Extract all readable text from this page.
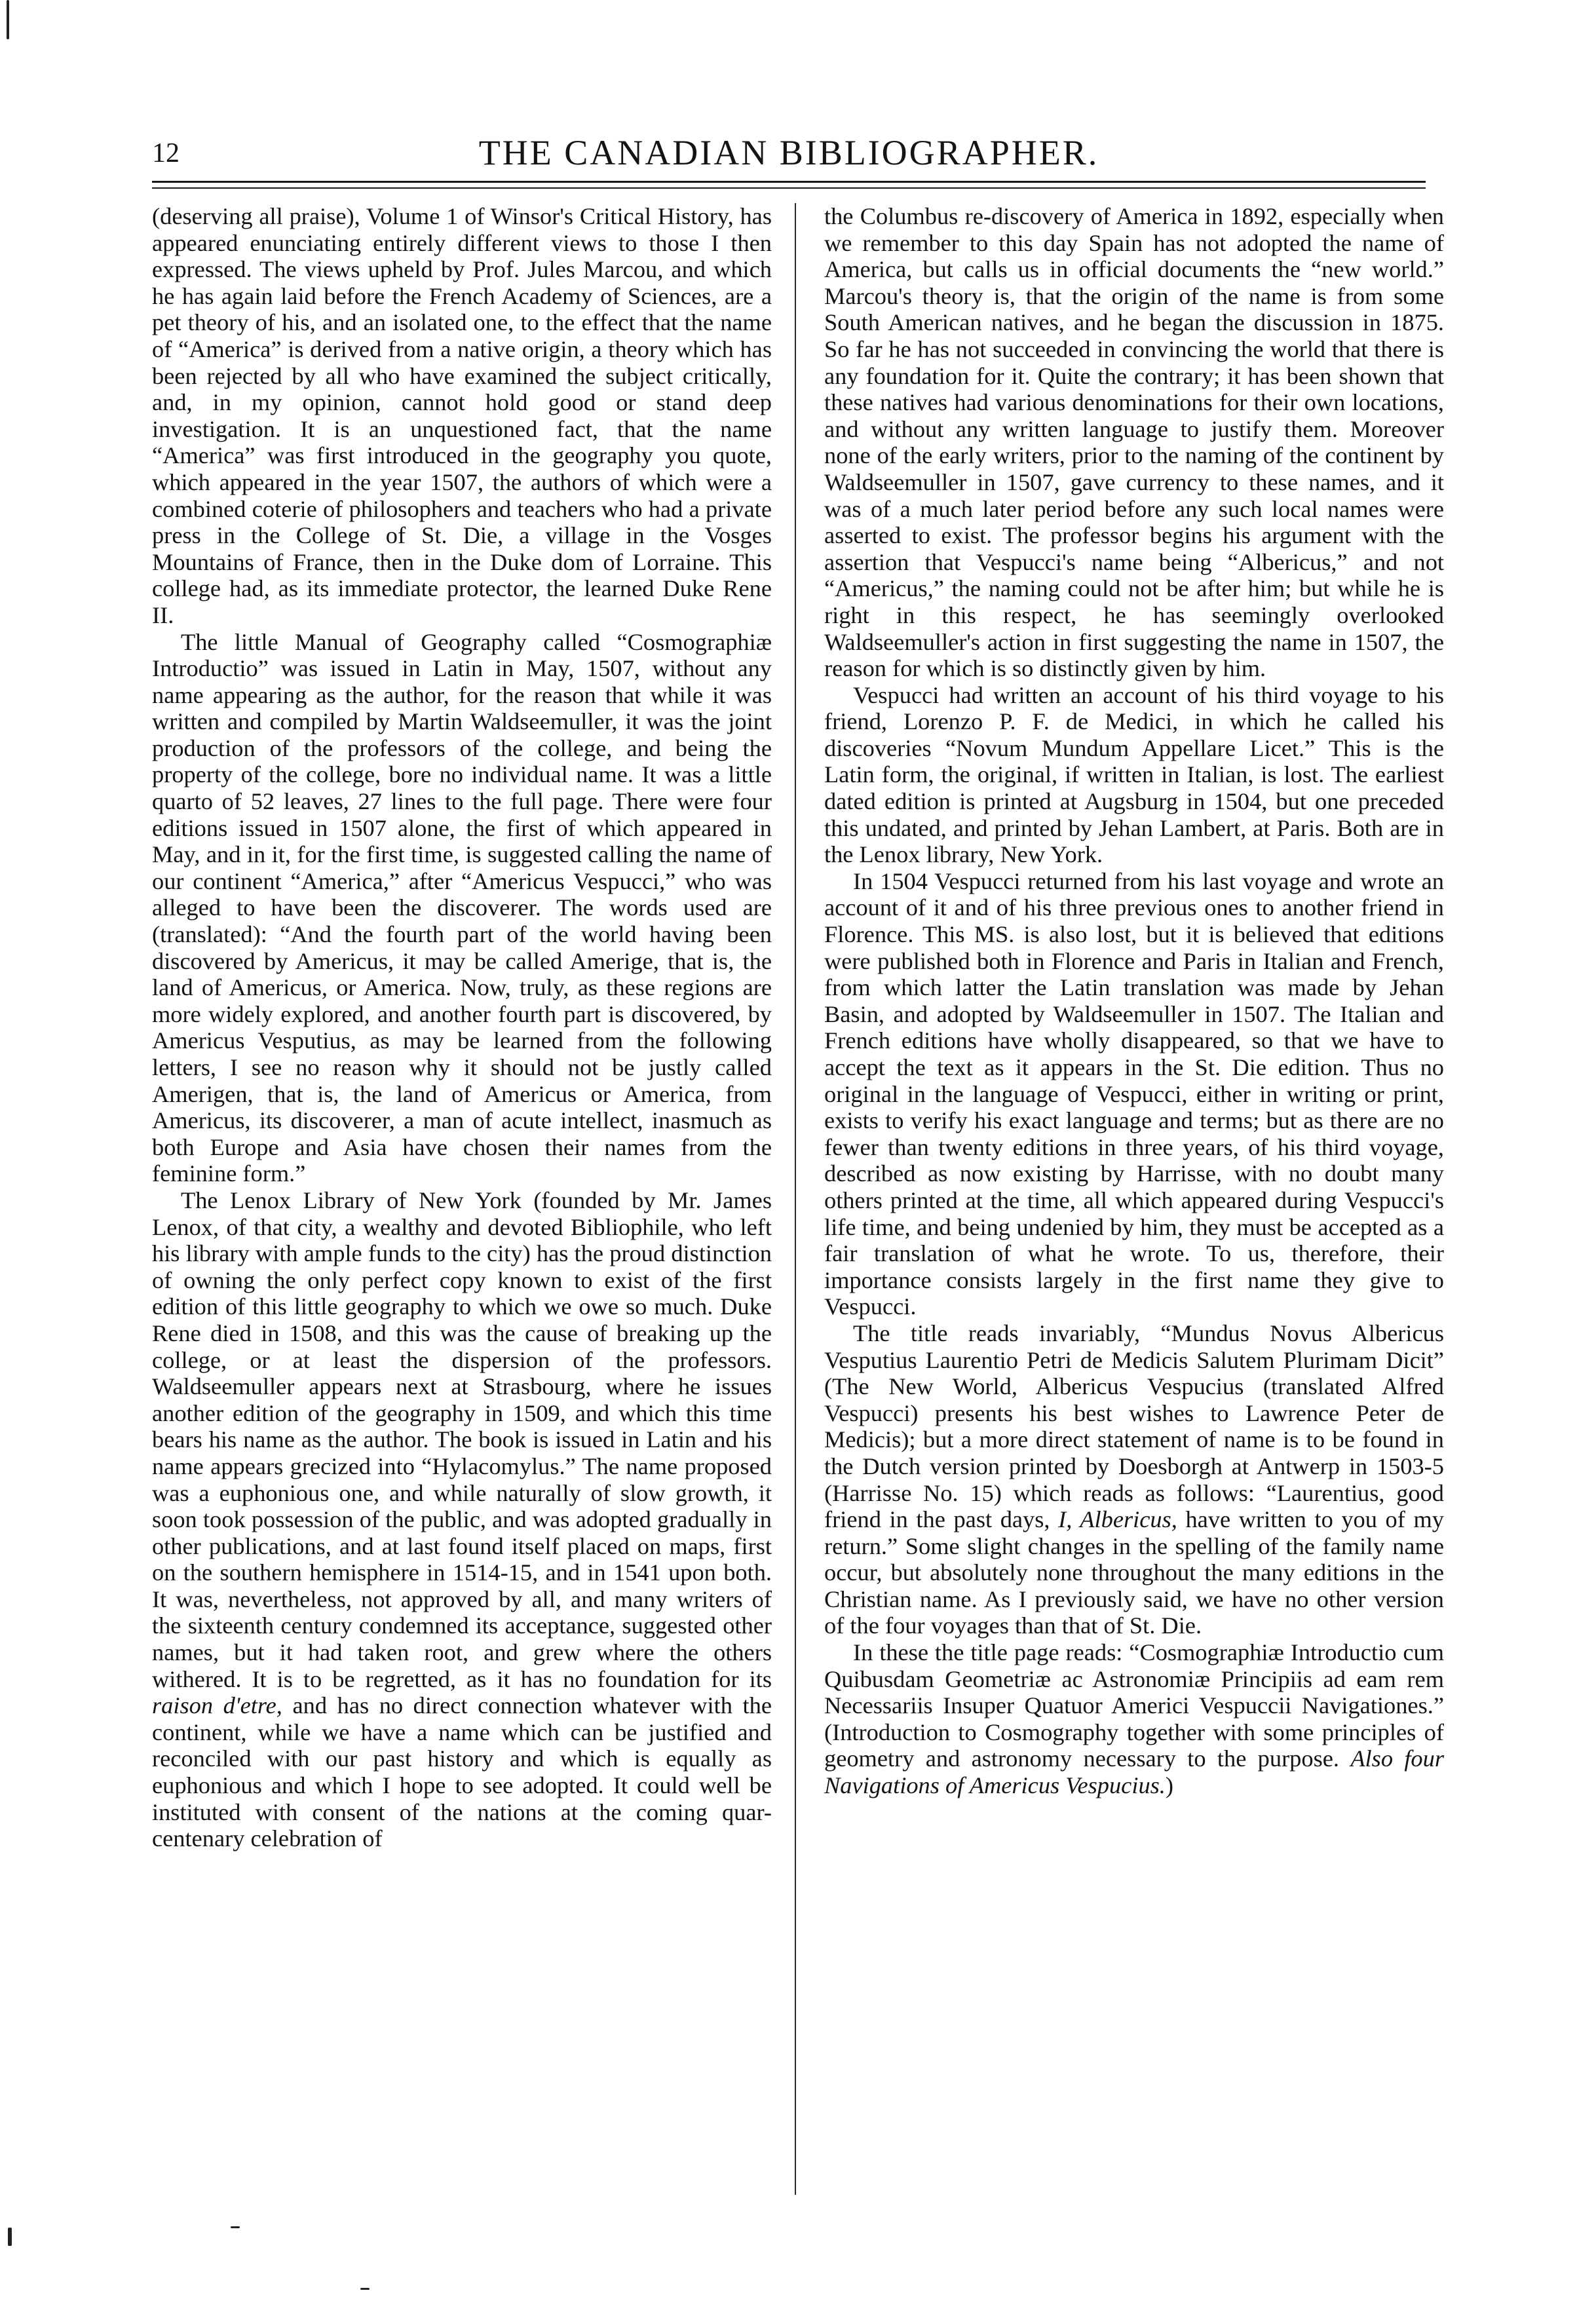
12	THE CANADIAN BIBLIOGRAPHER.

(deserving all praise), Volume 1 of Winsor's Critical History, has appeared enunciating entirely different views to those I then expressed. The views upheld by Prof. Jules Marcou, and which he has again laid before the French Academy of Sciences, are a pet theory of his, and an isolated one, to the effect that the name of “America” is derived from a native origin, a theory which has been rejected by all who have examined the subject critically, and, in my opinion, cannot hold good or stand deep investigation. It is an unquestioned fact, that the name “America” was first introduced in the geography you quote, which appeared in the year 1507, the authors of which were a combined coterie of philosophers and teachers who had a private press in the College of St. Die, a village in the Vosges Mountains of France, then in the Duke dom of Lorraine. This college had, as its immediate protector, the learned Duke Rene II.

The little Manual of Geography called “Cosmographiæ Introductio” was issued in Latin in May, 1507, without any name appearing as the author, for the reason that while it was written and compiled by Martin Waldseemuller, it was the joint production of the professors of the college, and being the property of the college, bore no individual name. It was a little quarto of 52 leaves, 27 lines to the full page. There were four editions issued in 1507 alone, the first of which appeared in May, and in it, for the first time, is suggested calling the name of our continent “America,” after “Americus Vespucci,” who was alleged to have been the discoverer. The words used are (translated): “And the fourth part of the world having been discovered by Americus, it may be called Amerige, that is, the land of Americus, or America. Now, truly, as these regions are more widely explored, and another fourth part is discovered, by Americus Vesputius, as may be learned from the following letters, I see no reason why it should not be justly called Amerigen, that is, the land of Americus or America, from Americus, its discoverer, a man of acute intellect, inasmuch as both Europe and Asia have chosen their names from the feminine form.”

The Lenox Library of New York (founded by Mr. James Lenox, of that city, a wealthy and devoted Bibliophile, who left his library with ample funds to the city) has the proud distinction of owning the only perfect copy known to exist of the first edition of this little geography to which we owe so much. Duke Rene died in 1508, and this was the cause of breaking up the college, or at least the dispersion of the professors. Waldseemuller appears next at Strasbourg, where he issues another edition of the geography in 1509, and which this time bears his name as the author. The book is issued in Latin and his name appears grecized into “Hylacomylus.” The name proposed was a euphonious one, and while naturally of slow growth, it soon took possession of the public, and was adopted gradually in other publications, and at last found itself placed on maps, first on the southern hemisphere in 1514-15, and in 1541 upon both. It was, nevertheless, not approved by all, and many writers of the sixteenth century condemned its acceptance, suggested other names, but it had taken root, and grew where the others withered. It is to be regretted, as it has no foundation for its raison d'etre, and has no direct connection whatever with the continent, while we have a name which can be justified and reconciled with our past history and which is equally as euphonious and which I hope to see adopted. It could well be instituted with consent of the nations at the coming quar-centenary celebration of

the Columbus re-discovery of America in 1892, especially when we remember to this day Spain has not adopted the name of America, but calls us in official documents the “new world.” Marcou's theory is, that the origin of the name is from some South American natives, and he began the discussion in 1875. So far he has not succeeded in convincing the world that there is any foundation for it. Quite the contrary; it has been shown that these natives had various denominations for their own locations, and without any written language to justify them. Moreover none of the early writers, prior to the naming of the continent by Waldseemuller in 1507, gave currency to these names, and it was of a much later period before any such local names were asserted to exist. The professor begins his argument with the assertion that Vespucci's name being “Albericus,” and not “Americus,” the naming could not be after him; but while he is right in this respect, he has seemingly overlooked Waldseemuller's action in first suggesting the name in 1507, the reason for which is so distinctly given by him.

Vespucci had written an account of his third voyage to his friend, Lorenzo P. F. de Medici, in which he called his discoveries “Novum Mundum Appellare Licet.” This is the Latin form, the original, if written in Italian, is lost. The earliest dated edition is printed at Augsburg in 1504, but one preceded this undated, and printed by Jehan Lambert, at Paris. Both are in the Lenox library, New York.

In 1504 Vespucci returned from his last voyage and wrote an account of it and of his three previous ones to another friend in Florence. This MS. is also lost, but it is believed that editions were published both in Florence and Paris in Italian and French, from which latter the Latin translation was made by Jehan Basin, and adopted by Waldseemuller in 1507. The Italian and French editions have wholly disappeared, so that we have to accept the text as it appears in the St. Die edition. Thus no original in the language of Vespucci, either in writing or print, exists to verify his exact language and terms; but as there are no fewer than twenty editions in three years, of his third voyage, described as now existing by Harrisse, with no doubt many others printed at the time, all which appeared during Vespucci's life time, and being undenied by him, they must be accepted as a fair translation of what he wrote. To us, therefore, their importance consists largely in the first name they give to Vespucci.

The title reads invariably, “Mundus Novus Albericus Vesputius Laurentio Petri de Medicis Salutem Plurimam Dicit” (The New World, Albericus Vespucius (translated Alfred Vespucci) presents his best wishes to Lawrence Peter de Medicis); but a more direct statement of name is to be found in the Dutch version printed by Doesborgh at Antwerp in 1503-5 (Harrisse No. 15) which reads as follows: “Laurentius, good friend in the past days, I, Albericus, have written to you of my return.” Some slight changes in the spelling of the family name occur, but absolutely none throughout the many editions in the Christian name. As I previously said, we have no other version of the four voyages than that of St. Die.

In these the title page reads: “Cosmographiæ Introductio cum Quibusdam Geometriæ ac Astronomiæ Principiis ad eam rem Necessariis Insuper Quatuor Americi Vespuccii Navigationes.” (Introduction to Cosmography together with some principles of geometry and astronomy necessary to the purpose. Also four Navigations of Americus Vespucius.)
